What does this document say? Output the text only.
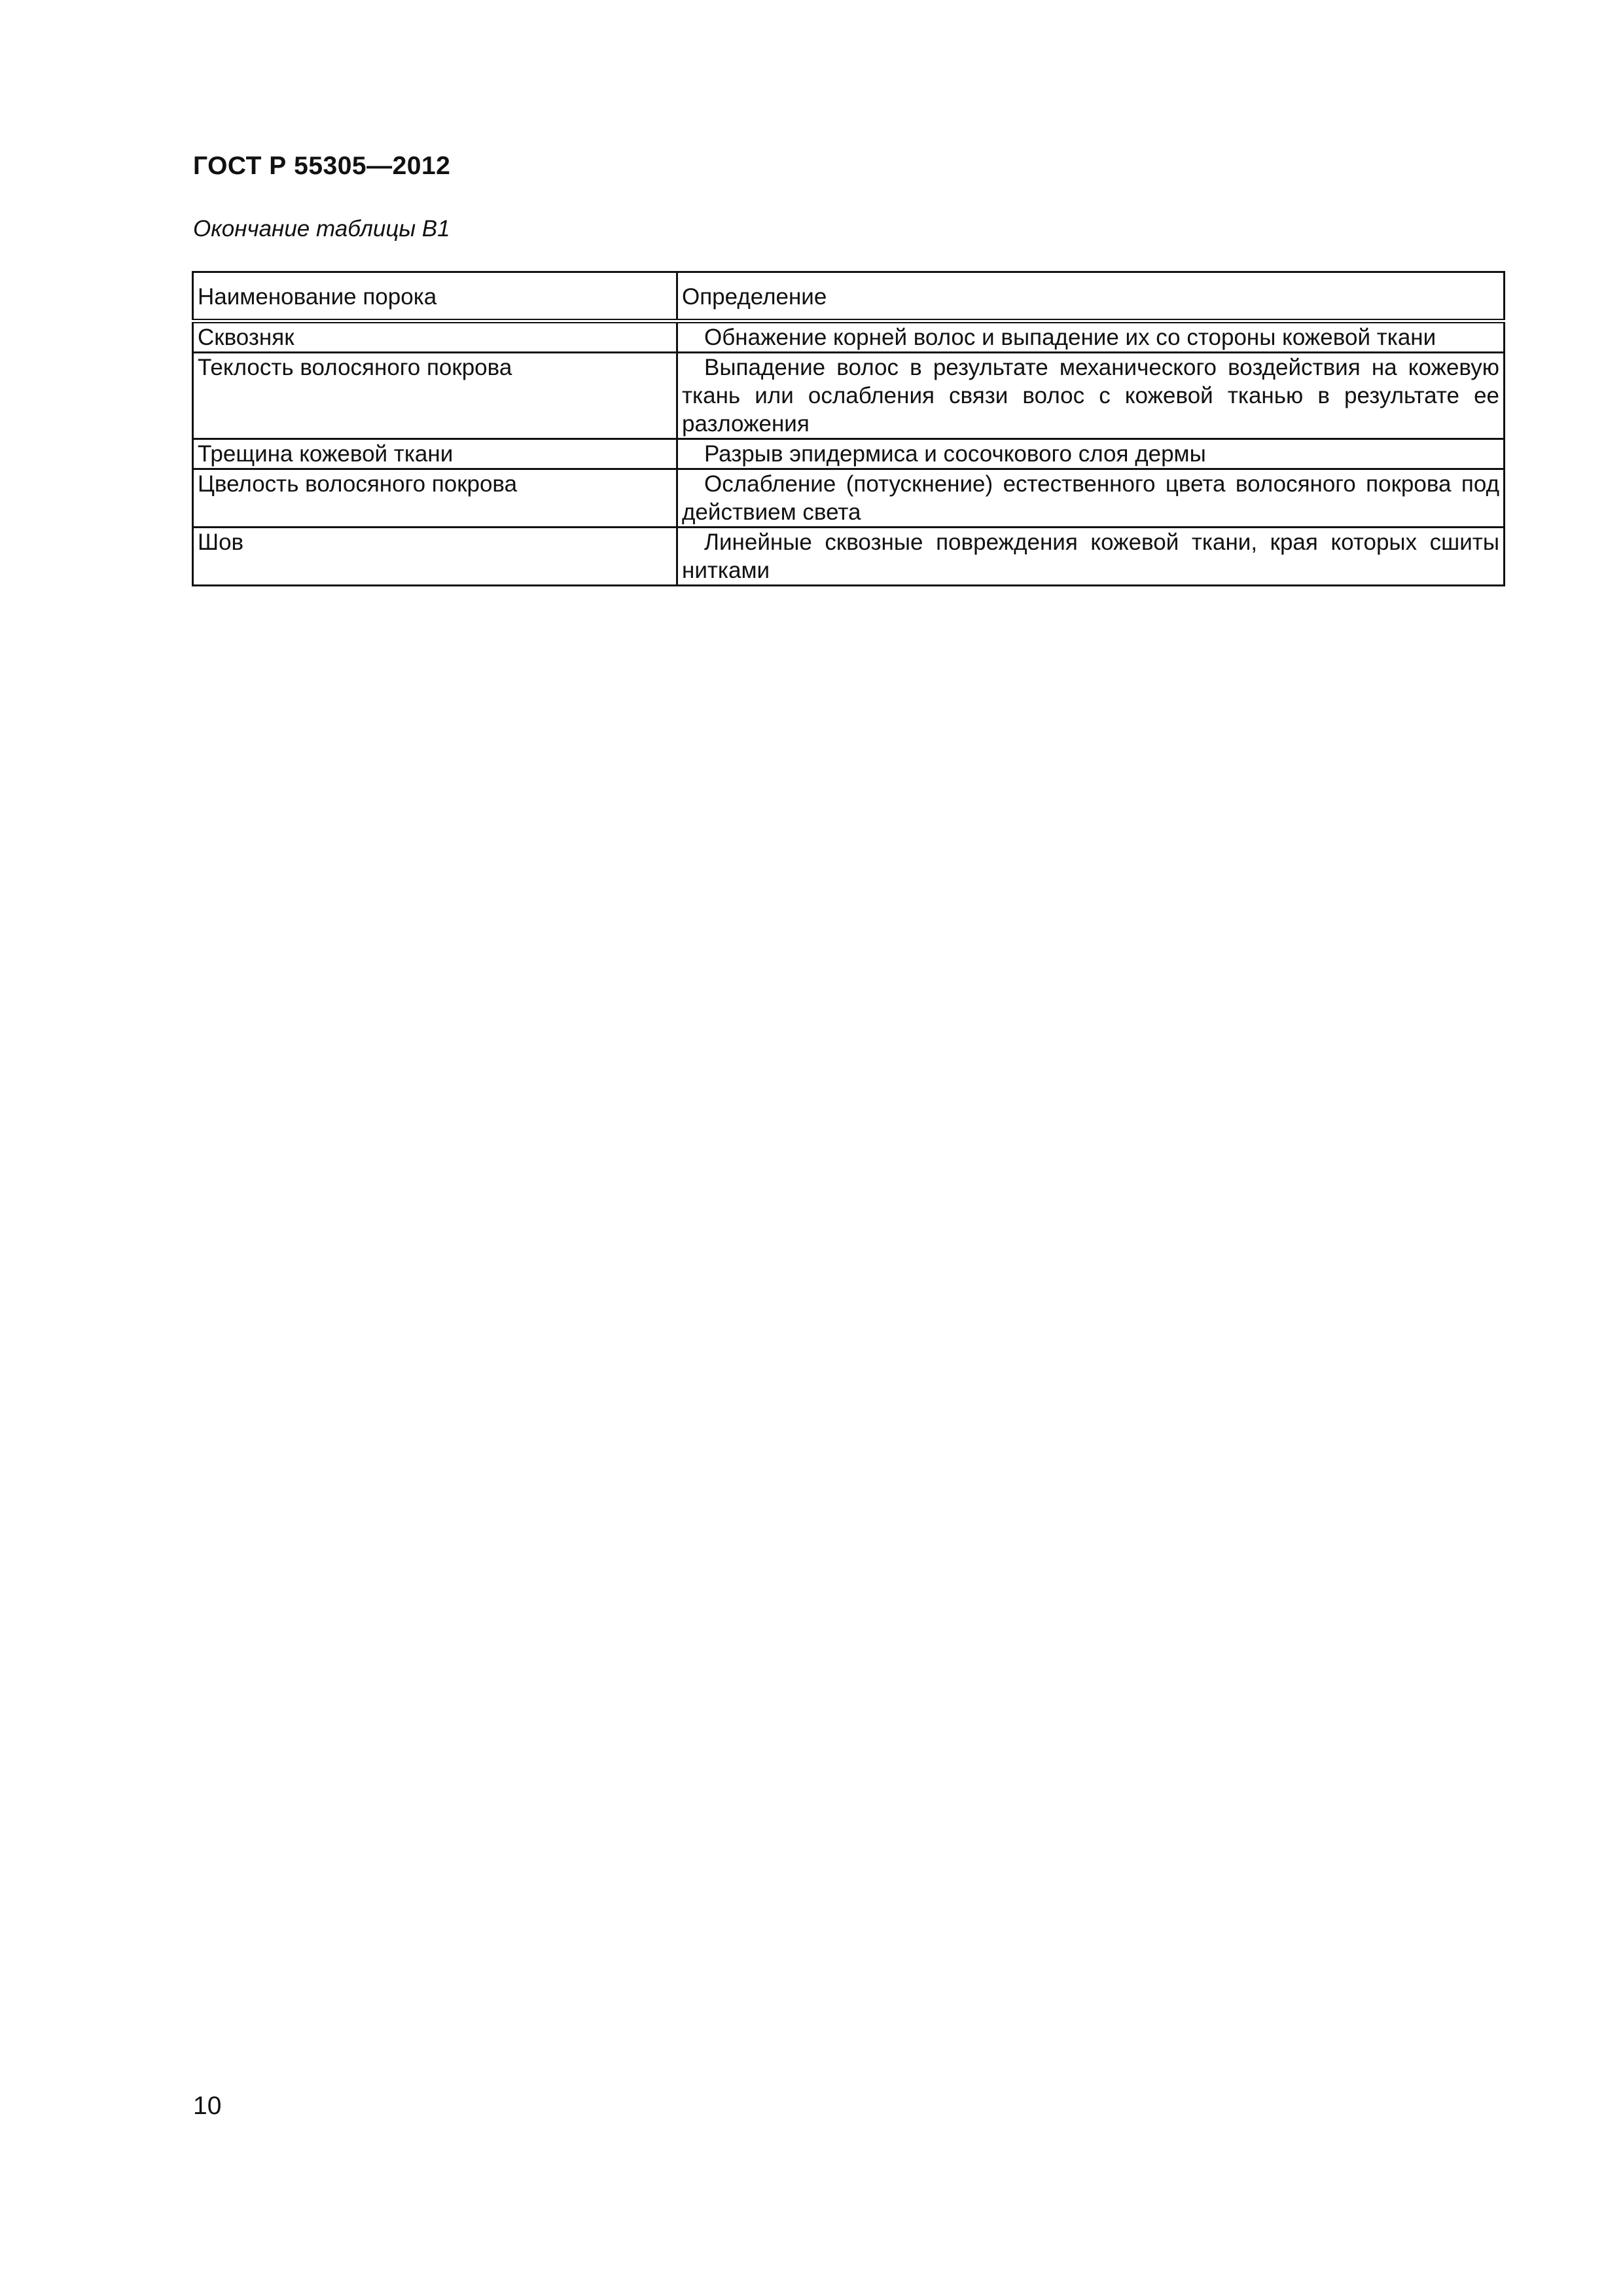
ГОСТ Р 55305—2012

Окончание таблицы В1

Наименование порока	Определение
Сквозняк	Обнажение корней волос и выпадение их со стороны кожевой ткани
Теклость волосяного покрова	Выпадение волос в результате механического воздействия на кожевую ткань или ослабления связи волос с кожевой тканью в результате ее разложения
Трещина кожевой ткани	Разрыв эпидермиса и сосочкового слоя дермы
Цвелость волосяного покрова	Ослабление (потускнение) естественного цвета волосяного покрова под действием света
Шов	Линейные сквозные повреждения кожевой ткани, края которых сшиты нитками

10
